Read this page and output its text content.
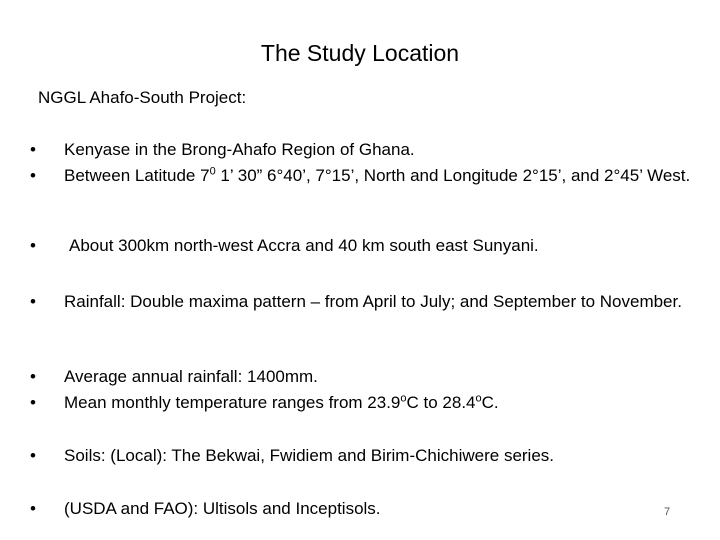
The Study Location
NGGL Ahafo-South Project:
• Kenyase in the Brong-Ahafo Region of Ghana.
• Between Latitude $7^0$ 1’ 30” 6°40’, 7°15’, North and Longitude 2°15’, and 2°45’ West.
• About 300km north-west Accra and 40 km south east Sunyani.
• Rainfall: Double maxima pattern – from April to July; and September to November.
• Average annual rainfall: 1400mm.
• Mean monthly temperature ranges from 23.9$^o$C to 28.4$^o$C.
• Soils: (Local): The Bekwai, Fwidiem and Birim-Chichiwere series.
• (USDA and FAO): Ultisols and Inceptisols.	7
